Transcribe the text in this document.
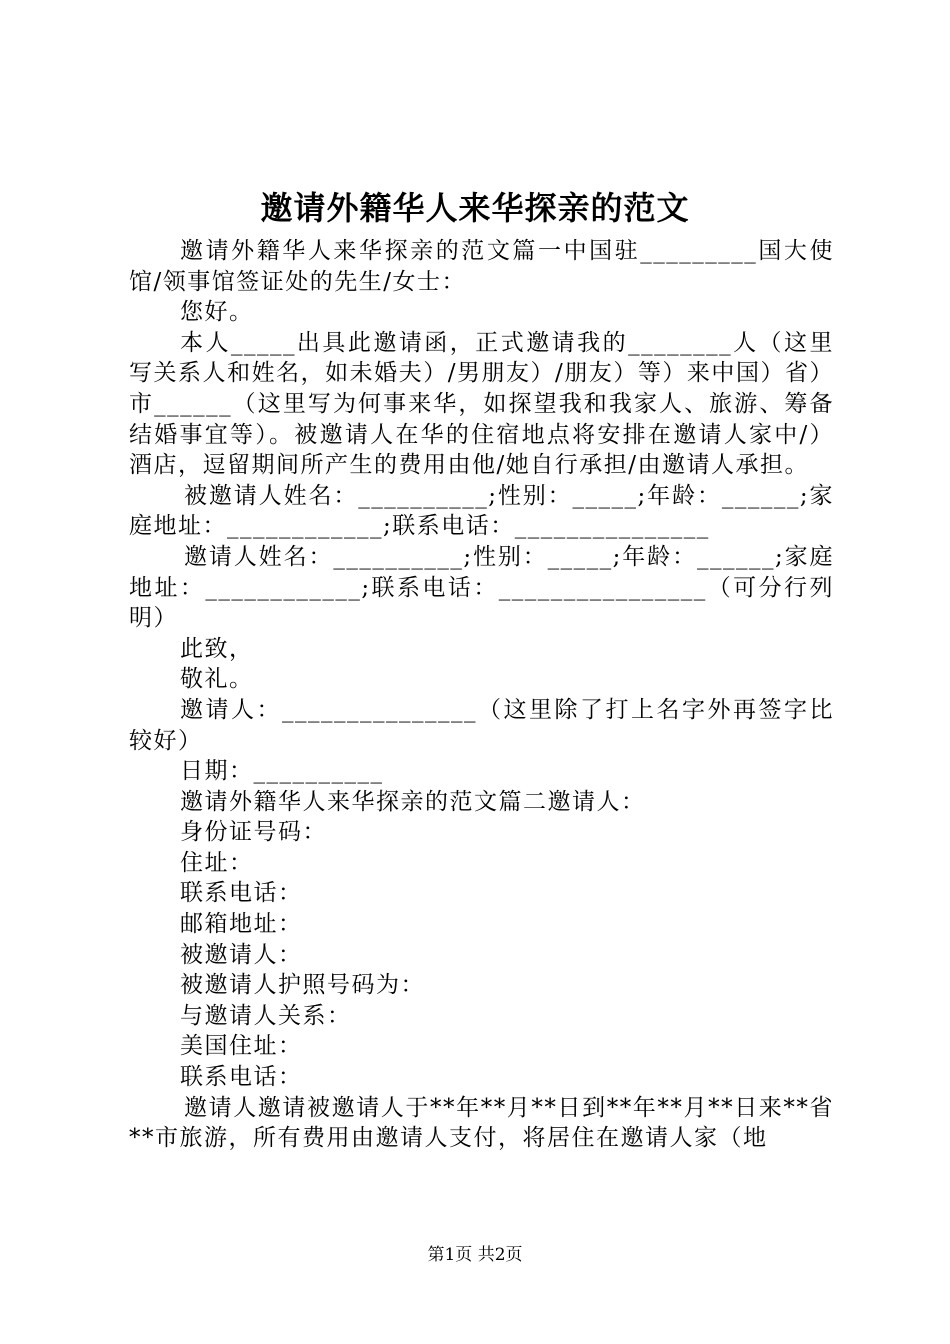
邀请外籍华人来华探亲的范文

邀请外籍华人来华探亲的范文篇一中国驻_________国大使馆/领事馆签证处的先生/女士：

您好。

本人_____出具此邀请函，正式邀请我的________人（这里写关系人和姓名，如未婚夫）/男朋友）/朋友）等）来中国）省）市______（这里写为何事来华，如探望我和我家人、旅游、筹备结婚事宜等）。被邀请人在华的住宿地点将安排在邀请人家中/）酒店，逗留期间所产生的费用由他/她自行承担/由邀请人承担。

被邀请人姓名：__________;性别：_____;年龄：______;家庭地址：____________;联系电话：_______________

邀请人姓名：__________;性别：_____;年龄：______;家庭地址：____________;联系电话：________________（可分行列明）

此致，

敬礼。

邀请人：_______________（这里除了打上名字外再签字比较好）

日期：__________

邀请外籍华人来华探亲的范文篇二邀请人：

身份证号码：

住址：

联系电话：

邮箱地址：

被邀请人：

被邀请人护照号码为：

与邀请人关系：

美国住址：

联系电话：

邀请人邀请被邀请人于**年**月**日到**年**月**日来**省**市旅游，所有费用由邀请人支付，将居住在邀请人家（地

第1页 共2页
